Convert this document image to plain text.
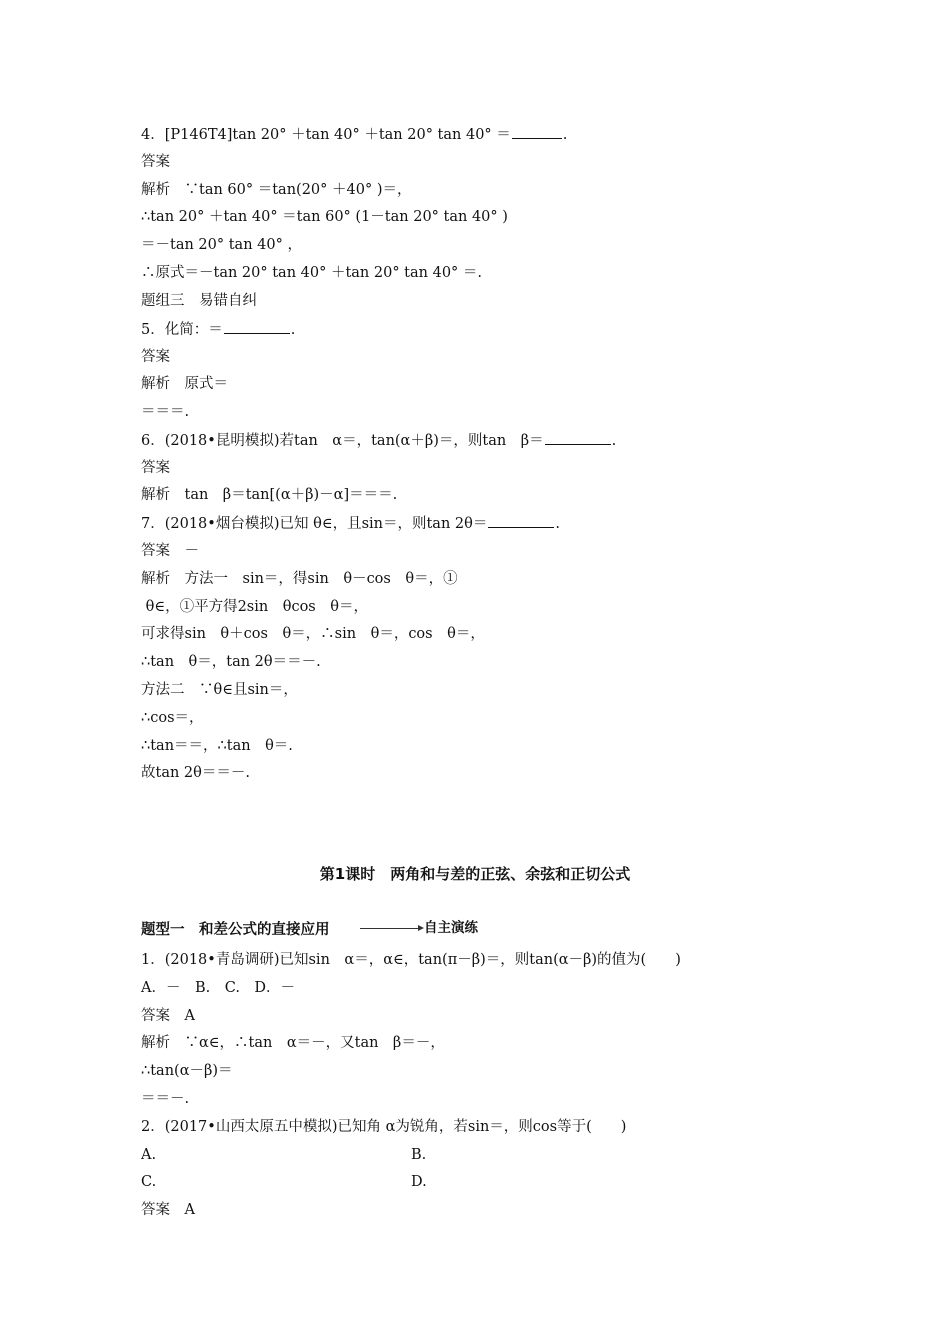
4．[P146T4]tan 20° ＋tan 40° ＋tan 20° tan 40° ＝	.
答案
解析　∵tan 60° ＝tan(20° ＋40° )＝，
∴tan 20° ＋tan 40° ＝tan 60° (1－tan 20° tan 40° )
＝－tan 20° tan 40° ，
∴原式＝－tan 20° tan 40° ＋tan 20° tan 40° ＝.
题组三　易错自纠
5．化简：＝	.
答案
解析　原式＝
＝＝＝.
6．(2018•昆明模拟)若tan　α＝，tan(α＋β)＝，则tan　β＝	.
答案
解析　tan　β＝tan[(α＋β)－α]＝＝＝.
7．(2018•烟台模拟)已知 θ∈，且sin＝，则tan 2θ＝	.
答案　－
解析　方法一　sin＝，得sin　θ－cos　θ＝，①
θ∈，①平方得2sin　θcos　θ＝，
可求得sin　θ＋cos　θ＝，∴sin　θ＝，cos　θ＝，
∴tan　θ＝，tan 2θ＝＝－.
方法二　∵θ∈且sin＝，
∴cos＝，
∴tan＝＝，∴tan　θ＝.
故tan 2θ＝＝－.
第1课时　两角和与差的正弦、余弦和正切公式
题型一　和差公式的直接应用	自主演练
1．(2018•青岛调研)已知sin　α＝，α∈，tan(π－β)＝，则tan(α－β)的值为(　　)
A．－　B.　C.　D．－
答案　A
解析　∵α∈，∴tan　α＝－，又tan　β＝－，
∴tan(α－β)＝
＝＝－.
2．(2017•山西太原五中模拟)已知角 α为锐角，若sin＝，则cos等于(　　)
A.	B.
C.	D.
答案　A
